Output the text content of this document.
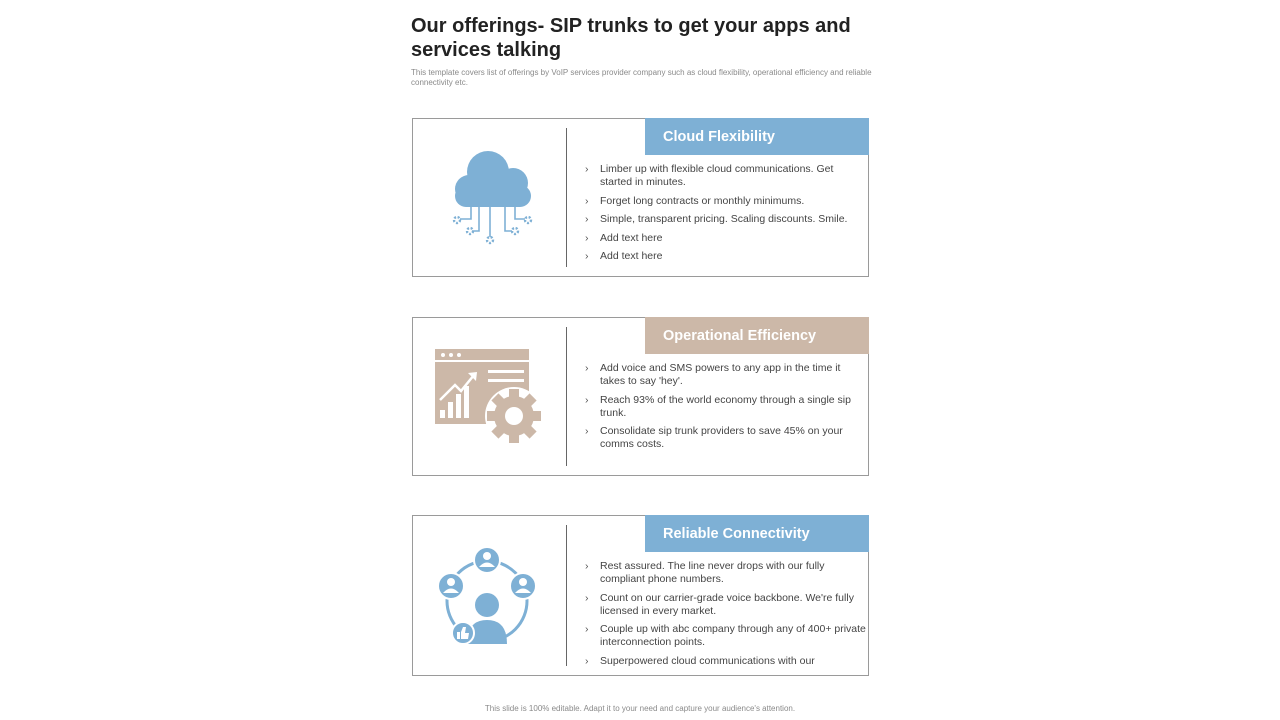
Our offerings- SIP trunks to get your apps and services talking

This template covers list of offerings by VoIP services provider company such as cloud flexibility, operational efficiency and reliable connectivity etc.

Cloud Flexibility
› Limber up with flexible cloud communications. Get started in minutes.
› Forget long contracts or monthly minimums.
› Simple, transparent pricing. Scaling discounts. Smile.
› Add text here
› Add text here
Operational Efficiency
› Add voice and SMS powers to any app in the time it takes to say 'hey'.
› Reach 93% of the world economy through a single sip trunk.
› Consolidate sip trunk providers to save 45% on your comms costs.
Reliable Connectivity
› Rest assured. The line never drops with our fully compliant phone numbers.
› Count on our carrier-grade voice backbone. We're fully licensed in every market.
› Couple up with abc company through any of 400+ private interconnection points.
› Superpowered cloud communications with our

This slide is 100% editable. Adapt it to your need and capture your audience's attention.
